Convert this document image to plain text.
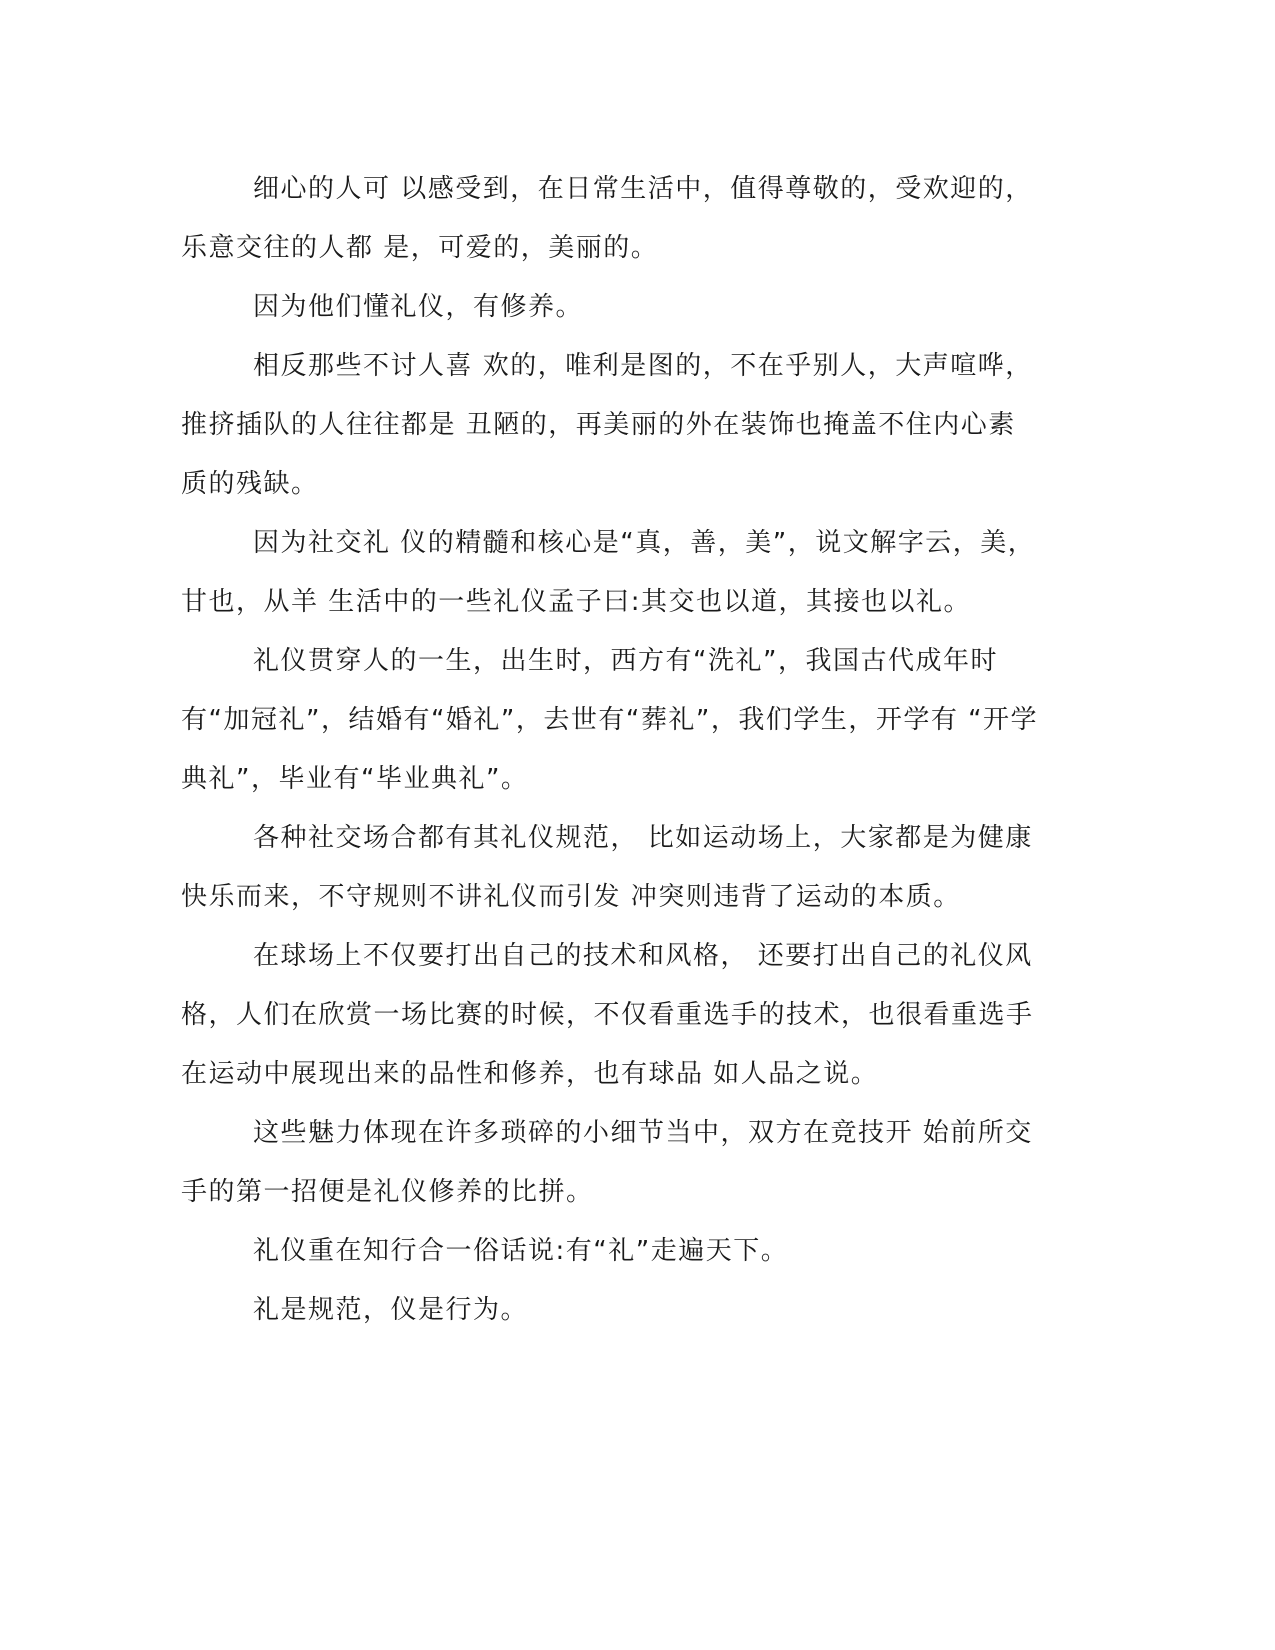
细心的人可 以感受到，在日常生活中，值得尊敬的，受欢迎的，乐意交往的人都 是，可爱的，美丽的。

因为他们懂礼仪，有修养。

相反那些不讨人喜 欢的，唯利是图的，不在乎别人，大声喧哗，推挤插队的人往往都是 丑陋的，再美丽的外在装饰也掩盖不住内心素质的残缺。

因为社交礼 仪的精髓和核心是“真，善，美”，说文解字云，美，甘也，从羊 生活中的一些礼仪孟子曰:其交也以道，其接也以礼。

礼仪贯穿人的一生，出生时，西方有“洗礼”，我国古代成年时 有“加冠礼”，结婚有“婚礼”，去世有“葬礼”，我们学生，开学有 “开学典礼”，毕业有“毕业典礼”。

各种社交场合都有其礼仪规范， 比如运动场上，大家都是为健康快乐而来，不守规则不讲礼仪而引发 冲突则违背了运动的本质。

在球场上不仅要打出自己的技术和风格， 还要打出自己的礼仪风格，人们在欣赏一场比赛的时候，不仅看重选手的技术，也很看重选手在运动中展现出来的品性和修养，也有球品 如人品之说。

这些魅力体现在许多琐碎的小细节当中，双方在竞技开 始前所交手的第一招便是礼仪修养的比拼。

礼仪重在知行合一俗话说:有“礼”走遍天下。

礼是规范，仪是行为。
